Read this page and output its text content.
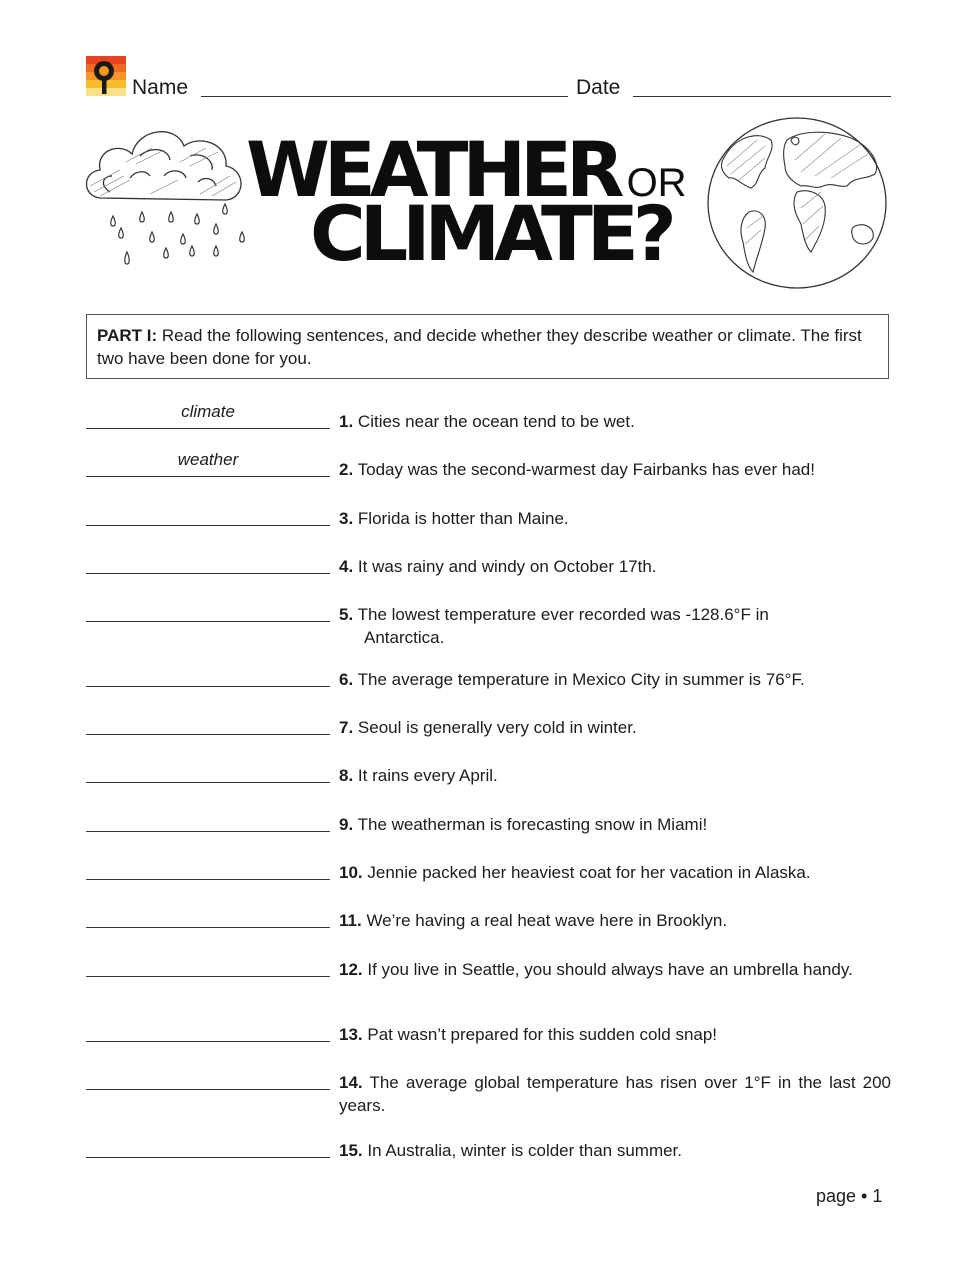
Name	Date
WEATHER OR
CLIMATE?
PART I: Read the following sentences, and decide whether they describe weather or climate. The first two have been done for you.
climate
1. Cities near the ocean tend to be wet.
weather
2. Today was the second-warmest day Fairbanks has ever had!
3. Florida is hotter than Maine.
4. It was rainy and windy on October 17th.
5. The lowest temperature ever recorded was -128.6°F in
Antarctica.
6. The average temperature in Mexico City in summer is 76°F.
7. Seoul is generally very cold in winter.
8. It rains every April.
9. The weatherman is forecasting snow in Miami!
10. Jennie packed her heaviest coat for her vacation in Alaska.
11. We’re having a real heat wave here in Brooklyn.
12. If you live in Seattle, you should always have an umbrella handy.
13. Pat wasn’t prepared for this sudden cold snap!
14. The average global temperature has risen over 1°F in the last 200 years.
15. In Australia, winter is colder than summer.
page • 1
